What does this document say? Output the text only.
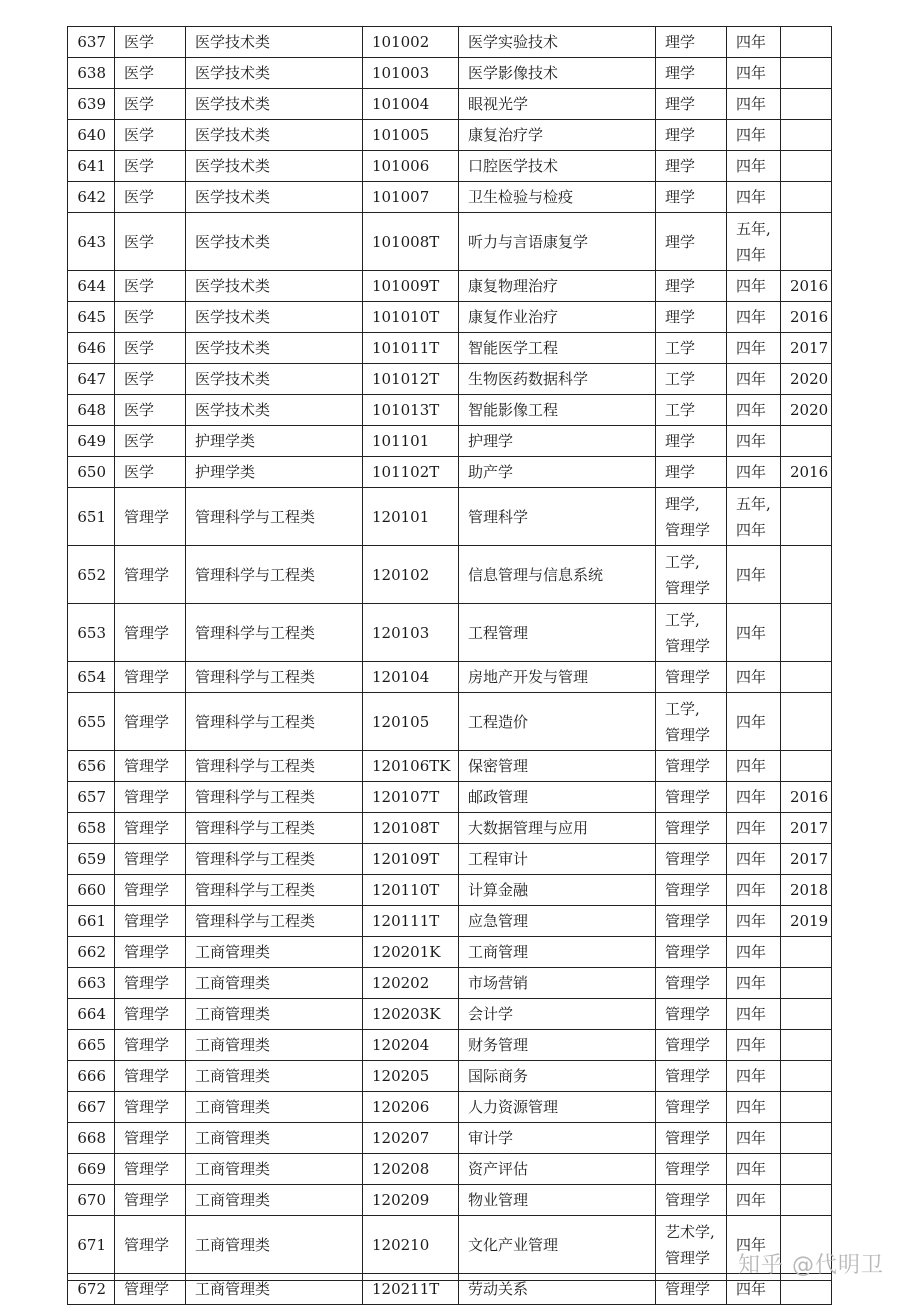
637	医学	医学技术类	101002	医学实验技术	理学	四年	
638	医学	医学技术类	101003	医学影像技术	理学	四年	
639	医学	医学技术类	101004	眼视光学	理学	四年	
640	医学	医学技术类	101005	康复治疗学	理学	四年	
641	医学	医学技术类	101006	口腔医学技术	理学	四年	
642	医学	医学技术类	101007	卫生检验与检疫	理学	四年	
643	医学	医学技术类	101008T	听力与言语康复学	理学	五年,
四年	

644	医学	医学技术类	101009T	康复物理治疗	理学	四年	2016
645	医学	医学技术类	101010T	康复作业治疗	理学	四年	2016
646	医学	医学技术类	101011T	智能医学工程	工学	四年	2017
647	医学	医学技术类	101012T	生物医药数据科学	工学	四年	2020
648	医学	医学技术类	101013T	智能影像工程	工学	四年	2020
649	医学	护理学类	101101	护理学	理学	四年	
650	医学	护理学类	101102T	助产学	理学	四年	2016
651	管理学	管理科学与工程类	120101	管理科学	理学,
管理学	五年,
四年	

652	管理学	管理科学与工程类	120102	信息管理与信息系统	工学,
管理学	四年	
653	管理学	管理科学与工程类	120103	工程管理	工学,
管理学	四年	
654	管理学	管理科学与工程类	120104	房地产开发与管理	管理学	四年	
655	管理学	管理科学与工程类	120105	工程造价	工学,
管理学	四年	
656	管理学	管理科学与工程类	120106TK	保密管理	管理学	四年	
657	管理学	管理科学与工程类	120107T	邮政管理	管理学	四年	2016
658	管理学	管理科学与工程类	120108T	大数据管理与应用	管理学	四年	2017
659	管理学	管理科学与工程类	120109T	工程审计	管理学	四年	2017
660	管理学	管理科学与工程类	120110T	计算金融	管理学	四年	2018
661	管理学	管理科学与工程类	120111T	应急管理	管理学	四年	2019
662	管理学	工商管理类	120201K	工商管理	管理学	四年	
663	管理学	工商管理类	120202	市场营销	管理学	四年	
664	管理学	工商管理类	120203K	会计学	管理学	四年	
665	管理学	工商管理类	120204	财务管理	管理学	四年	
666	管理学	工商管理类	120205	国际商务	管理学	四年	
667	管理学	工商管理类	120206	人力资源管理	管理学	四年	
668	管理学	工商管理类	120207	审计学	管理学	四年	
669	管理学	工商管理类	120208	资产评估	管理学	四年	
670	管理学	工商管理类	120209	物业管理	管理学	四年	
671	管理学	工商管理类	120210	文化产业管理	艺术学,
管理学	四年	
672	管理学	工商管理类	120211T	劳动关系	管理学	四年	
知乎 @代明卫
